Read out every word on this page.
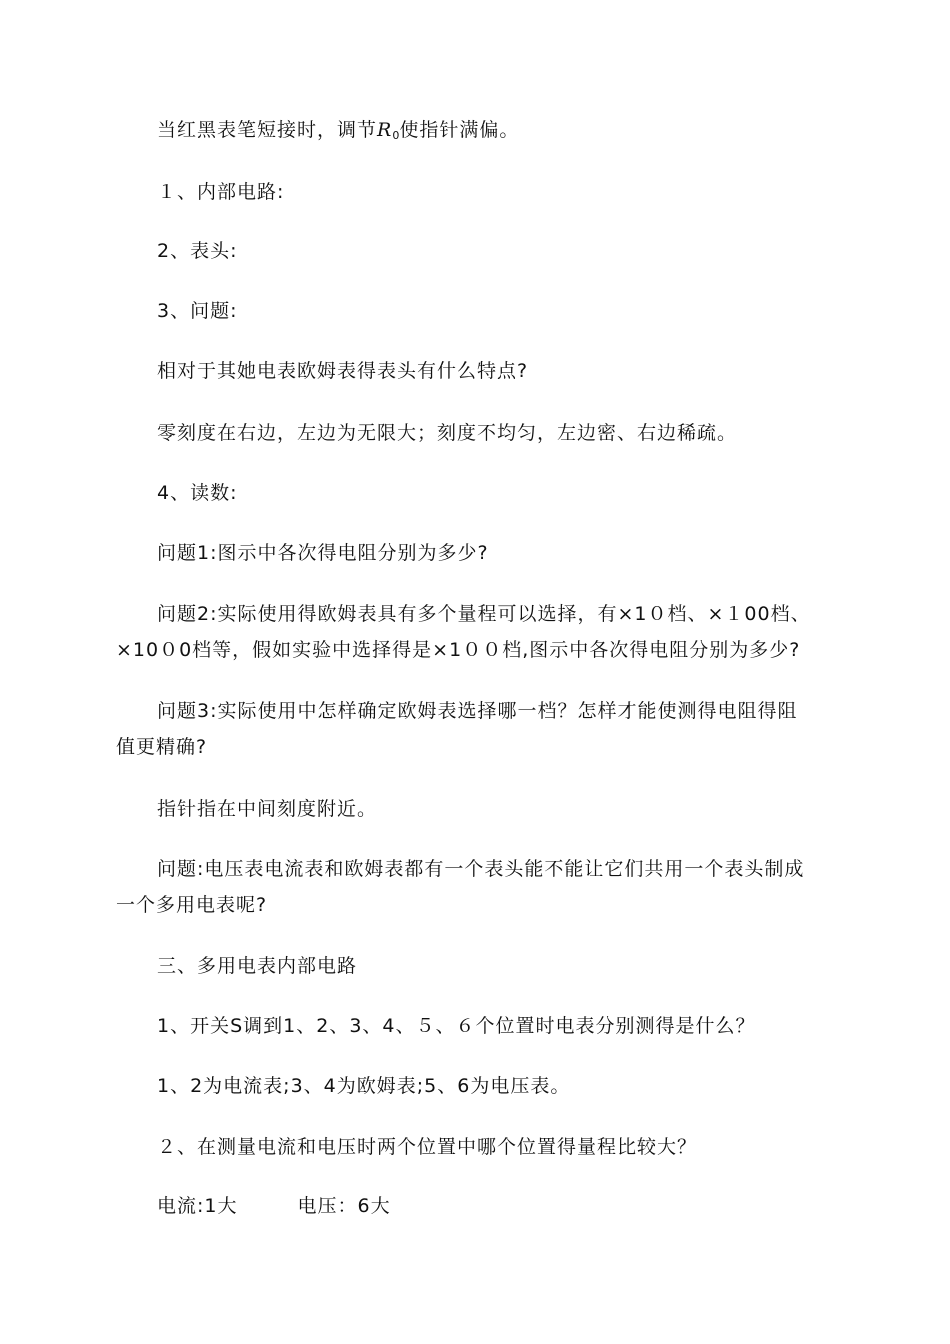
当红黑表笔短接时，调节$R_0$使指针满偏。
１、内部电路:
2、表头:
3、问题:
相对于其她电表欧姆表得表头有什么特点?
零刻度在右边，左边为无限大；刻度不均匀，左边密、右边稀疏。
4、读数:
问题1:图示中各次得电阻分别为多少?
问题2:实际使用得欧姆表具有多个量程可以选择，有×1０档、×１00档、
×10０0档等，假如实验中选择得是×1００档,图示中各次得电阻分别为多少?
问题3:实际使用中怎样确定欧姆表选择哪一档？怎样才能使测得电阻得阻
值更精确?
指针指在中间刻度附近。
问题:电压表电流表和欧姆表都有一个表头能不能让它们共用一个表头制成
一个多用电表呢?
三、多用电表内部电路
1、开关S调到1、2、3、4、５、６个位置时电表分别测得是什么？
1、2为电流表;3、4为欧姆表;5、6为电压表。
２、在测量电流和电压时两个位置中哪个位置得量程比较大？
电流:1大　　　电压：6大
